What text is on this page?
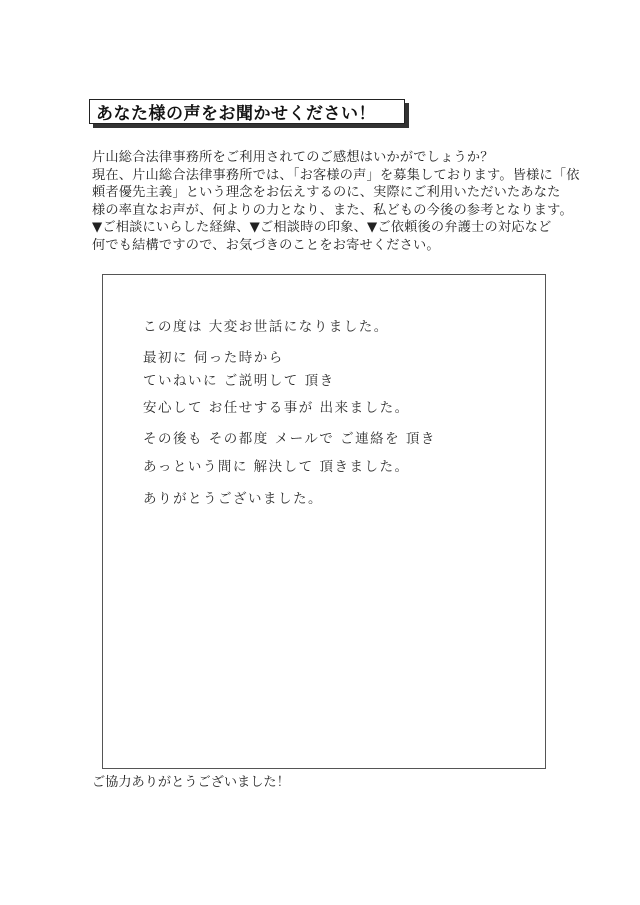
あなた様の声をお聞かせください！

片山総合法律事務所をご利用されてのご感想はいかがでしょうか？

現在、片山総合法律事務所では、「お客様の声」を募集しております。皆様に「依

頼者優先主義」という理念をお伝えするのに、実際にご利用いただいたあなた

様の率直なお声が、何よりの力となり、また、私どもの今後の参考となります。

▼ご相談にいらした経緯、▼ご相談時の印象、▼ご依頼後の弁護士の対応など

何でも結構ですので、お気づきのことをお寄せください。

この度は 大変お世話になりました。
最初に 伺った時から
ていねいに ご説明して 頂き
安心して お任せする事が 出来ました。
その後も その都度 メールで ご連絡を 頂き
あっという間に 解決して 頂きました。
ありがとうございました。
ご協力ありがとうございました！
